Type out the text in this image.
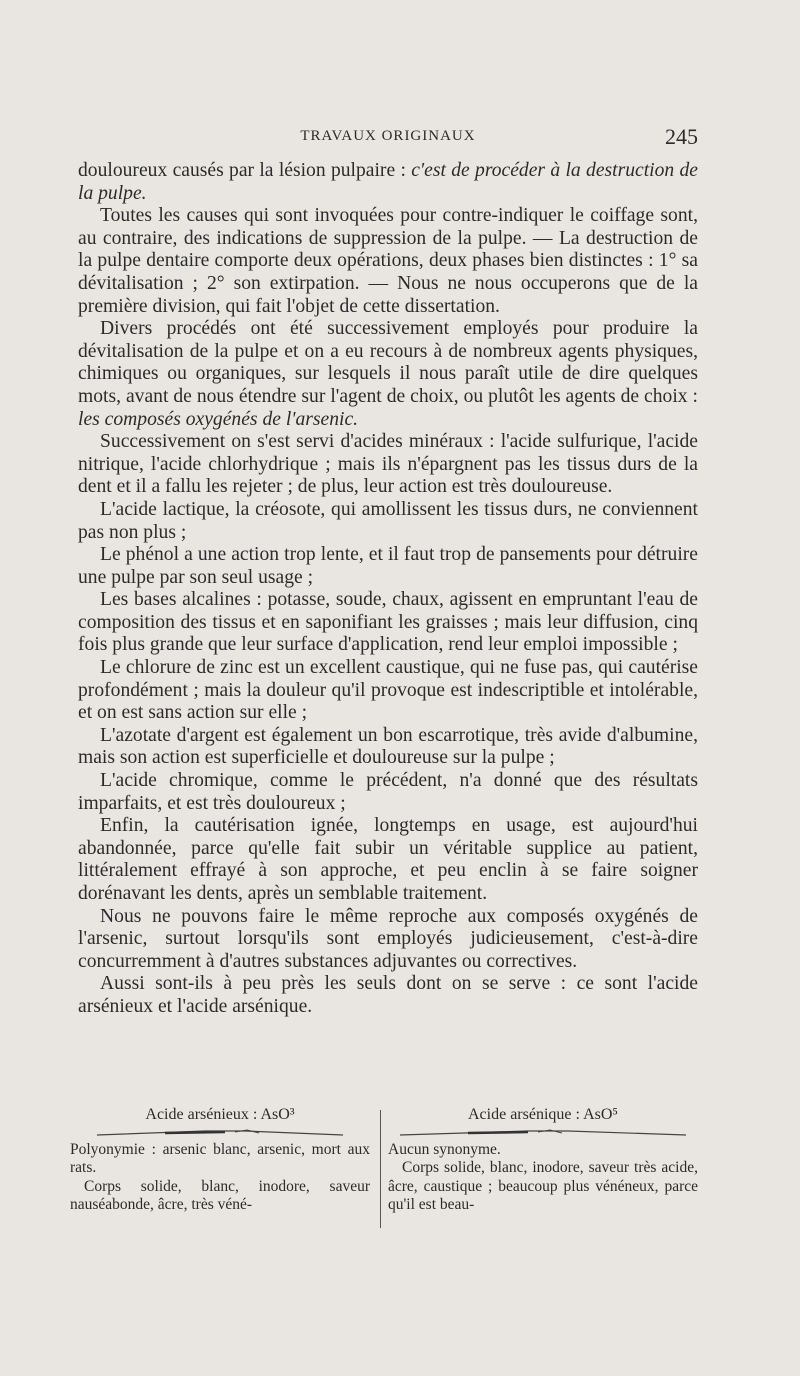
TRAVAUX ORIGINAUX	245

douloureux causés par la lésion pulpaire : c'est de procéder à la destruction de la pulpe.

Toutes les causes qui sont invoquées pour contre-indiquer le coiffage sont, au contraire, des indications de suppression de la pulpe. — La destruction de la pulpe dentaire comporte deux opérations, deux phases bien distinctes : 1° sa dévitalisation ; 2° son extirpation. — Nous ne nous occuperons que de la première division, qui fait l'objet de cette dissertation.

Divers procédés ont été successivement employés pour produire la dévitalisation de la pulpe et on a eu recours à de nombreux agents physiques, chimiques ou organiques, sur lesquels il nous paraît utile de dire quelques mots, avant de nous étendre sur l'agent de choix, ou plutôt les agents de choix : les composés oxygénés de l'arsenic.

Successivement on s'est servi d'acides minéraux : l'acide sulfurique, l'acide nitrique, l'acide chlorhydrique ; mais ils n'épargnent pas les tissus durs de la dent et il a fallu les rejeter ; de plus, leur action est très douloureuse.

L'acide lactique, la créosote, qui amollissent les tissus durs, ne conviennent pas non plus ;

Le phénol a une action trop lente, et il faut trop de pansements pour détruire une pulpe par son seul usage ;

Les bases alcalines : potasse, soude, chaux, agissent en empruntant l'eau de composition des tissus et en saponifiant les graisses ; mais leur diffusion, cinq fois plus grande que leur surface d'application, rend leur emploi impossible ;

Le chlorure de zinc est un excellent caustique, qui ne fuse pas, qui cautérise profondément ; mais la douleur qu'il provoque est indescriptible et intolérable, et on est sans action sur elle ;

L'azotate d'argent est également un bon escarrotique, très avide d'albumine, mais son action est superficielle et douloureuse sur la pulpe ;

L'acide chromique, comme le précédent, n'a donné que des résultats imparfaits, et est très douloureux ;

Enfin, la cautérisation ignée, longtemps en usage, est aujourd'hui abandonnée, parce qu'elle fait subir un véritable supplice au patient, littéralement effrayé à son approche, et peu enclin à se faire soigner dorénavant les dents, après un semblable traitement.

Nous ne pouvons faire le même reproche aux composés oxygénés de l'arsenic, surtout lorsqu'ils sont employés judicieusement, c'est-à-dire concurremment à d'autres substances adjuvantes ou correctives.

Aussi sont-ils à peu près les seuls dont on se serve : ce sont l'acide arsénieux et l'acide arsénique.

Acide arsénieux : AsO³

Polyonymie : arsenic blanc, arsenic, mort aux rats.

Corps solide, blanc, inodore, saveur nauséabonde, âcre, très véné-

Acide arsénique : AsO⁵

Aucun synonyme.

Corps solide, blanc, inodore, saveur très acide, âcre, caustique ; beaucoup plus vénéneux, parce qu'il est beau-
